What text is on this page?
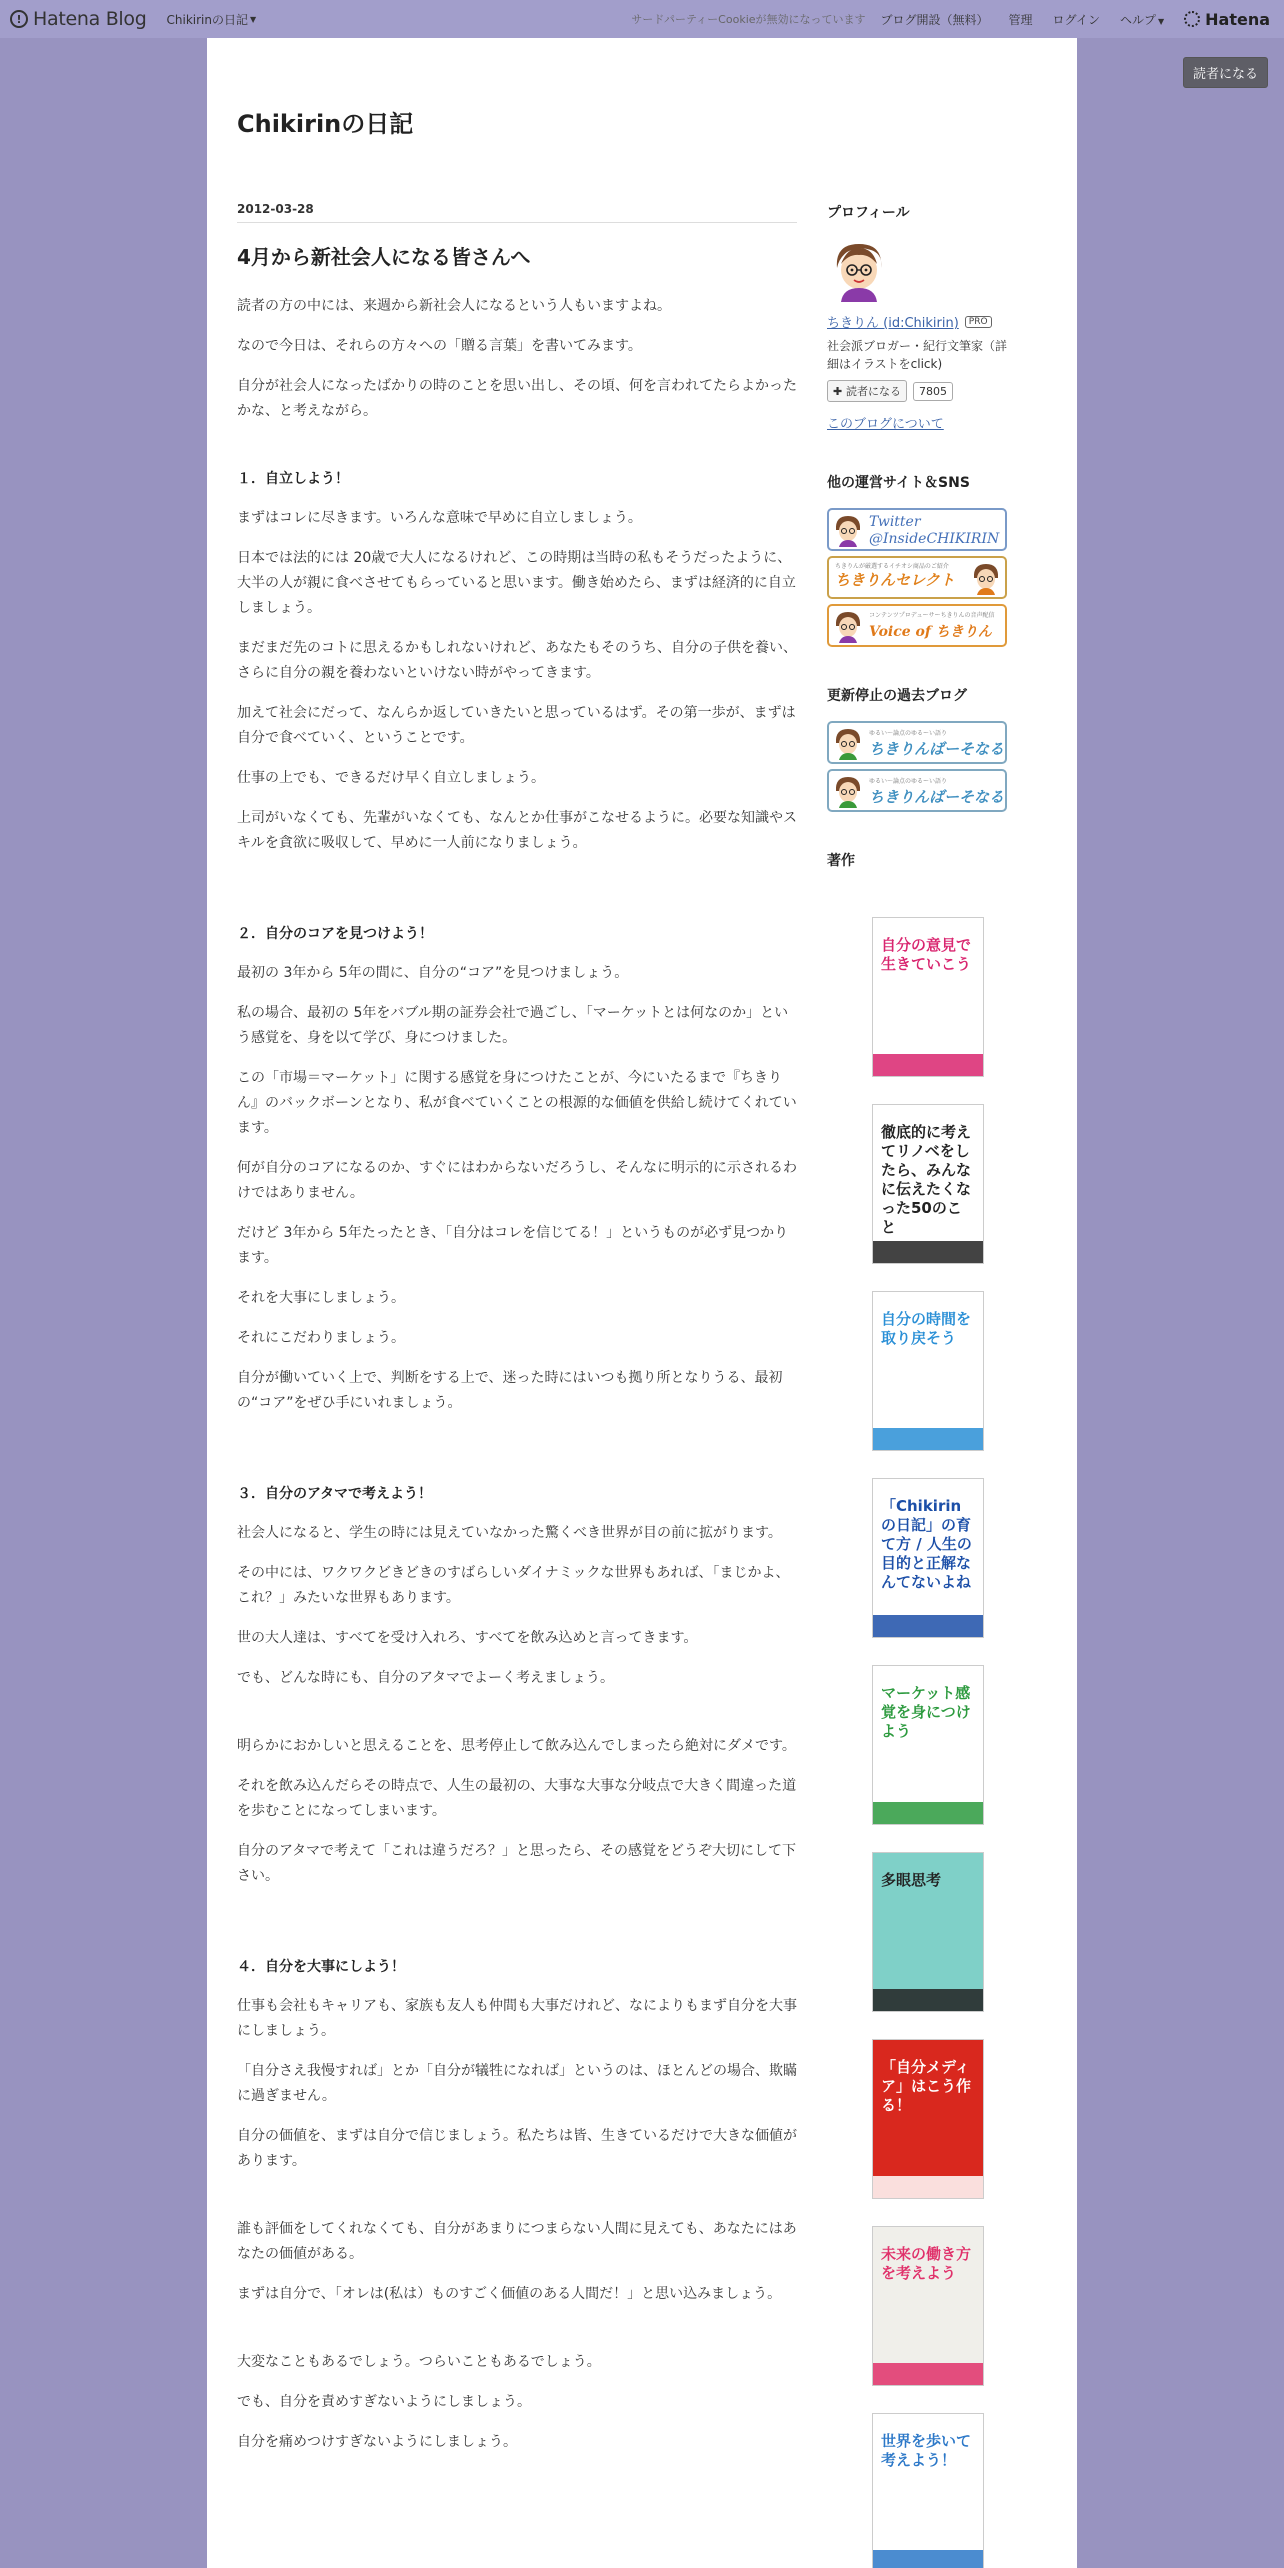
! Hatena Blog Chikirinの日記 ▼	サードパーティーCookieが無効になっています ブログ開設（無料） 管理 ログイン ヘルプ ▼	Hatena
読者になる
Chikirinの日記
2012-03-28
4月から新社会人になる皆さんへ

読者の方の中には、来週から新社会人になるという人もいますよね。

なので今日は、それらの方々への「贈る言葉」を書いてみます。

自分が社会人になったばかりの時のことを思い出し、その頃、何を言われてたらよかったかな、と考えながら。

１．自立しよう！

まずはコレに尽きます。いろんな意味で早めに自立しましょう。

日本では法的には 20歳で大人になるけれど、この時期は当時の私もそうだったように、大半の人が親に食べさせてもらっていると思います。働き始めたら、まずは経済的に自立しましょう。

まだまだ先のコトに思えるかもしれないけれど、あなたもそのうち、自分の子供を養い、さらに自分の親を養わないといけない時がやってきます。

加えて社会にだって、なんらか返していきたいと思っているはず。その第一歩が、まずは自分で食べていく、ということです。

仕事の上でも、できるだけ早く自立しましょう。

上司がいなくても、先輩がいなくても、なんとか仕事がこなせるように。必要な知識やスキルを貪欲に吸収して、早めに一人前になりましょう。

２．自分のコアを見つけよう！

最初の 3年から 5年の間に、自分の“コア”を見つけましょう。

私の場合、最初の 5年をバブル期の証券会社で過ごし、「マーケットとは何なのか」という感覚を、身を以て学び、身につけました。

この「市場＝マーケット」に関する感覚を身につけたことが、今にいたるまで『ちきりん』のバックボーンとなり、私が食べていくことの根源的な価値を供給し続けてくれています。

何が自分のコアになるのか、すぐにはわからないだろうし、そんなに明示的に示されるわけではありません。

だけど 3年から 5年たったとき、「自分はコレを信じてる！」というものが必ず見つかります。

それを大事にしましょう。

それにこだわりましょう。

自分が働いていく上で、判断をする上で、迷った時にはいつも拠り所となりうる、最初の“コア”をぜひ手にいれましょう。

３．自分のアタマで考えよう！

社会人になると、学生の時には見えていなかった驚くべき世界が目の前に拡がります。

その中には、ワクワクどきどきのすばらしいダイナミックな世界もあれば、「まじかよ、これ？」みたいな世界もあります。

世の大人達は、すべてを受け入れろ、すべてを飲み込めと言ってきます。

でも、どんな時にも、自分のアタマでよーく考えましょう。

明らかにおかしいと思えることを、思考停止して飲み込んでしまったら絶対にダメです。

それを飲み込んだらその時点で、人生の最初の、大事な大事な分岐点で大きく間違った道を歩むことになってしまいます。

自分のアタマで考えて「これは違うだろ？」と思ったら、その感覚をどうぞ大切にして下さい。

４．自分を大事にしよう！

仕事も会社もキャリアも、家族も友人も仲間も大事だけれど、なによりもまず自分を大事にしましょう。

「自分さえ我慢すれば」とか「自分が犠牲になれば」というのは、ほとんどの場合、欺瞞に過ぎません。

自分の価値を、まずは自分で信じましょう。私たちは皆、生きているだけで大きな価値があります。

誰も評価をしてくれなくても、自分があまりにつまらない人間に見えても、あなたにはあなたの価値がある。

まずは自分で、「オレは(私は）ものすごく価値のある人間だ！」と思い込みましょう。

大変なこともあるでしょう。つらいこともあるでしょう。

でも、自分を責めすぎないようにしましょう。

自分を痛めつけすぎないようにしましょう。

プロフィール
ちきりん (id:Chikirin)	PRO
社会派ブロガー・紀行文筆家（詳細はイラストをclick)
✚ 読者になる	7805
このブログについて
他の運営サイト＆SNS
Twitter
@InsideCHIKIRIN
ちきりんが厳選するイチオシ商品のご紹介
ちきりんセレクト
コンテンツプロデューサーちきりんの音声配信
Voice of ちきりん
更新停止の過去ブログ
ゆるい〜論点のゆるーい語り
ちきりんばーそなる
ゆるい〜論点のゆるーい語り
ちきりんばーそなる
著作
自分の意見で生きていこう
徹底的に考えてリノベをしたら、みんなに伝えたくなった50のこと
自分の時間を取り戻そう
「Chikirinの日記」の育て方 / 人生の目的と正解なんてないよね
マーケット感覚を身につけよう
多眼思考
「自分メディア」はこう作る！
未来の働き方を考えよう
世界を歩いて考えよう！
